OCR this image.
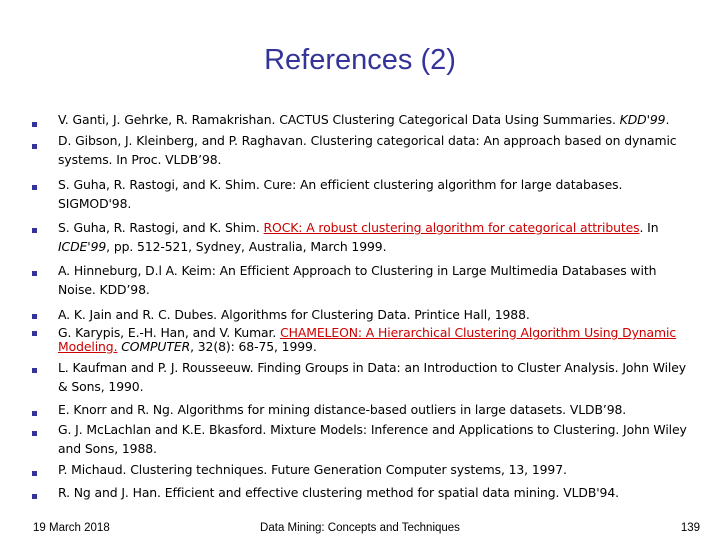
References (2)
V. Ganti, J. Gehrke, R. Ramakrishan. CACTUS Clustering Categorical Data Using Summaries. KDD'99.
D. Gibson, J. Kleinberg, and P. Raghavan. Clustering categorical data: An approach based on dynamic systems. In Proc. VLDB’98.
S. Guha, R. Rastogi, and K. Shim. Cure: An efficient clustering algorithm for large databases. SIGMOD'98.
S. Guha, R. Rastogi, and K. Shim. ROCK: A robust clustering algorithm for categorical attributes. In ICDE'99, pp. 512-521, Sydney, Australia, March 1999.
A. Hinneburg, D.l A. Keim: An Efficient Approach to Clustering in Large Multimedia Databases with Noise. KDD’98.
A. K. Jain and R. C. Dubes. Algorithms for Clustering Data. Printice Hall, 1988.
G. Karypis, E.-H. Han, and V. Kumar. CHAMELEON: A Hierarchical Clustering Algorithm Using Dynamic Modeling. COMPUTER, 32(8): 68-75, 1999.
L. Kaufman and P. J. Rousseeuw. Finding Groups in Data: an Introduction to Cluster Analysis. John Wiley & Sons, 1990.
E. Knorr and R. Ng. Algorithms for mining distance-based outliers in large datasets. VLDB’98.
G. J. McLachlan and K.E. Bkasford. Mixture Models: Inference and Applications to Clustering. John Wiley and Sons, 1988.
P. Michaud. Clustering techniques. Future Generation Computer systems, 13, 1997.
R. Ng and J. Han. Efficient and effective clustering method for spatial data mining. VLDB'94.
19 March 2018	Data Mining: Concepts and Techniques	139
